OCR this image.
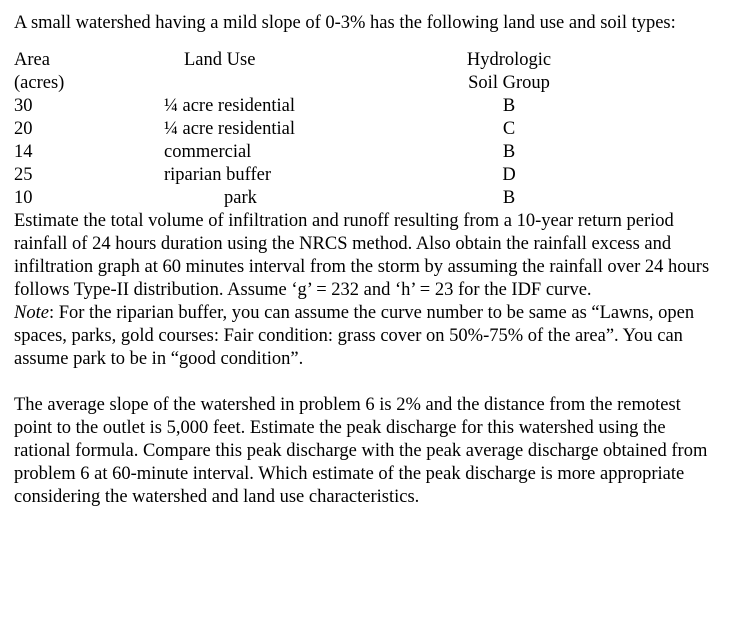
A small watershed having a mild slope of 0-3% has the following land use and soil types:

Area
(acres)
30
20
14
25
10
Land Use

¼ acre residential
¼ acre residential
commercial
riparian buffer
park
Hydrologic
Soil Group
B
C
B
D
B

Estimate the total volume of infiltration and runoff resulting from a 10-year return period rainfall of 24 hours duration using the NRCS method. Also obtain the rainfall excess and infiltration graph at 60 minutes interval from the storm by assuming the rainfall over 24 hours follows Type-II distribution. Assume ‘g’ = 232 and ‘h’ = 23 for the IDF curve.

Note: For the riparian buffer, you can assume the curve number to be same as “Lawns, open spaces, parks, gold courses: Fair condition: grass cover on 50%-75% of the area”. You can assume park to be in “good condition”.

The average slope of the watershed in problem 6 is 2% and the distance from the remotest point to the outlet is 5,000 feet. Estimate the peak discharge for this watershed using the rational formula. Compare this peak discharge with the peak average discharge obtained from problem 6 at 60-minute interval. Which estimate of the peak discharge is more appropriate considering the watershed and land use characteristics.
